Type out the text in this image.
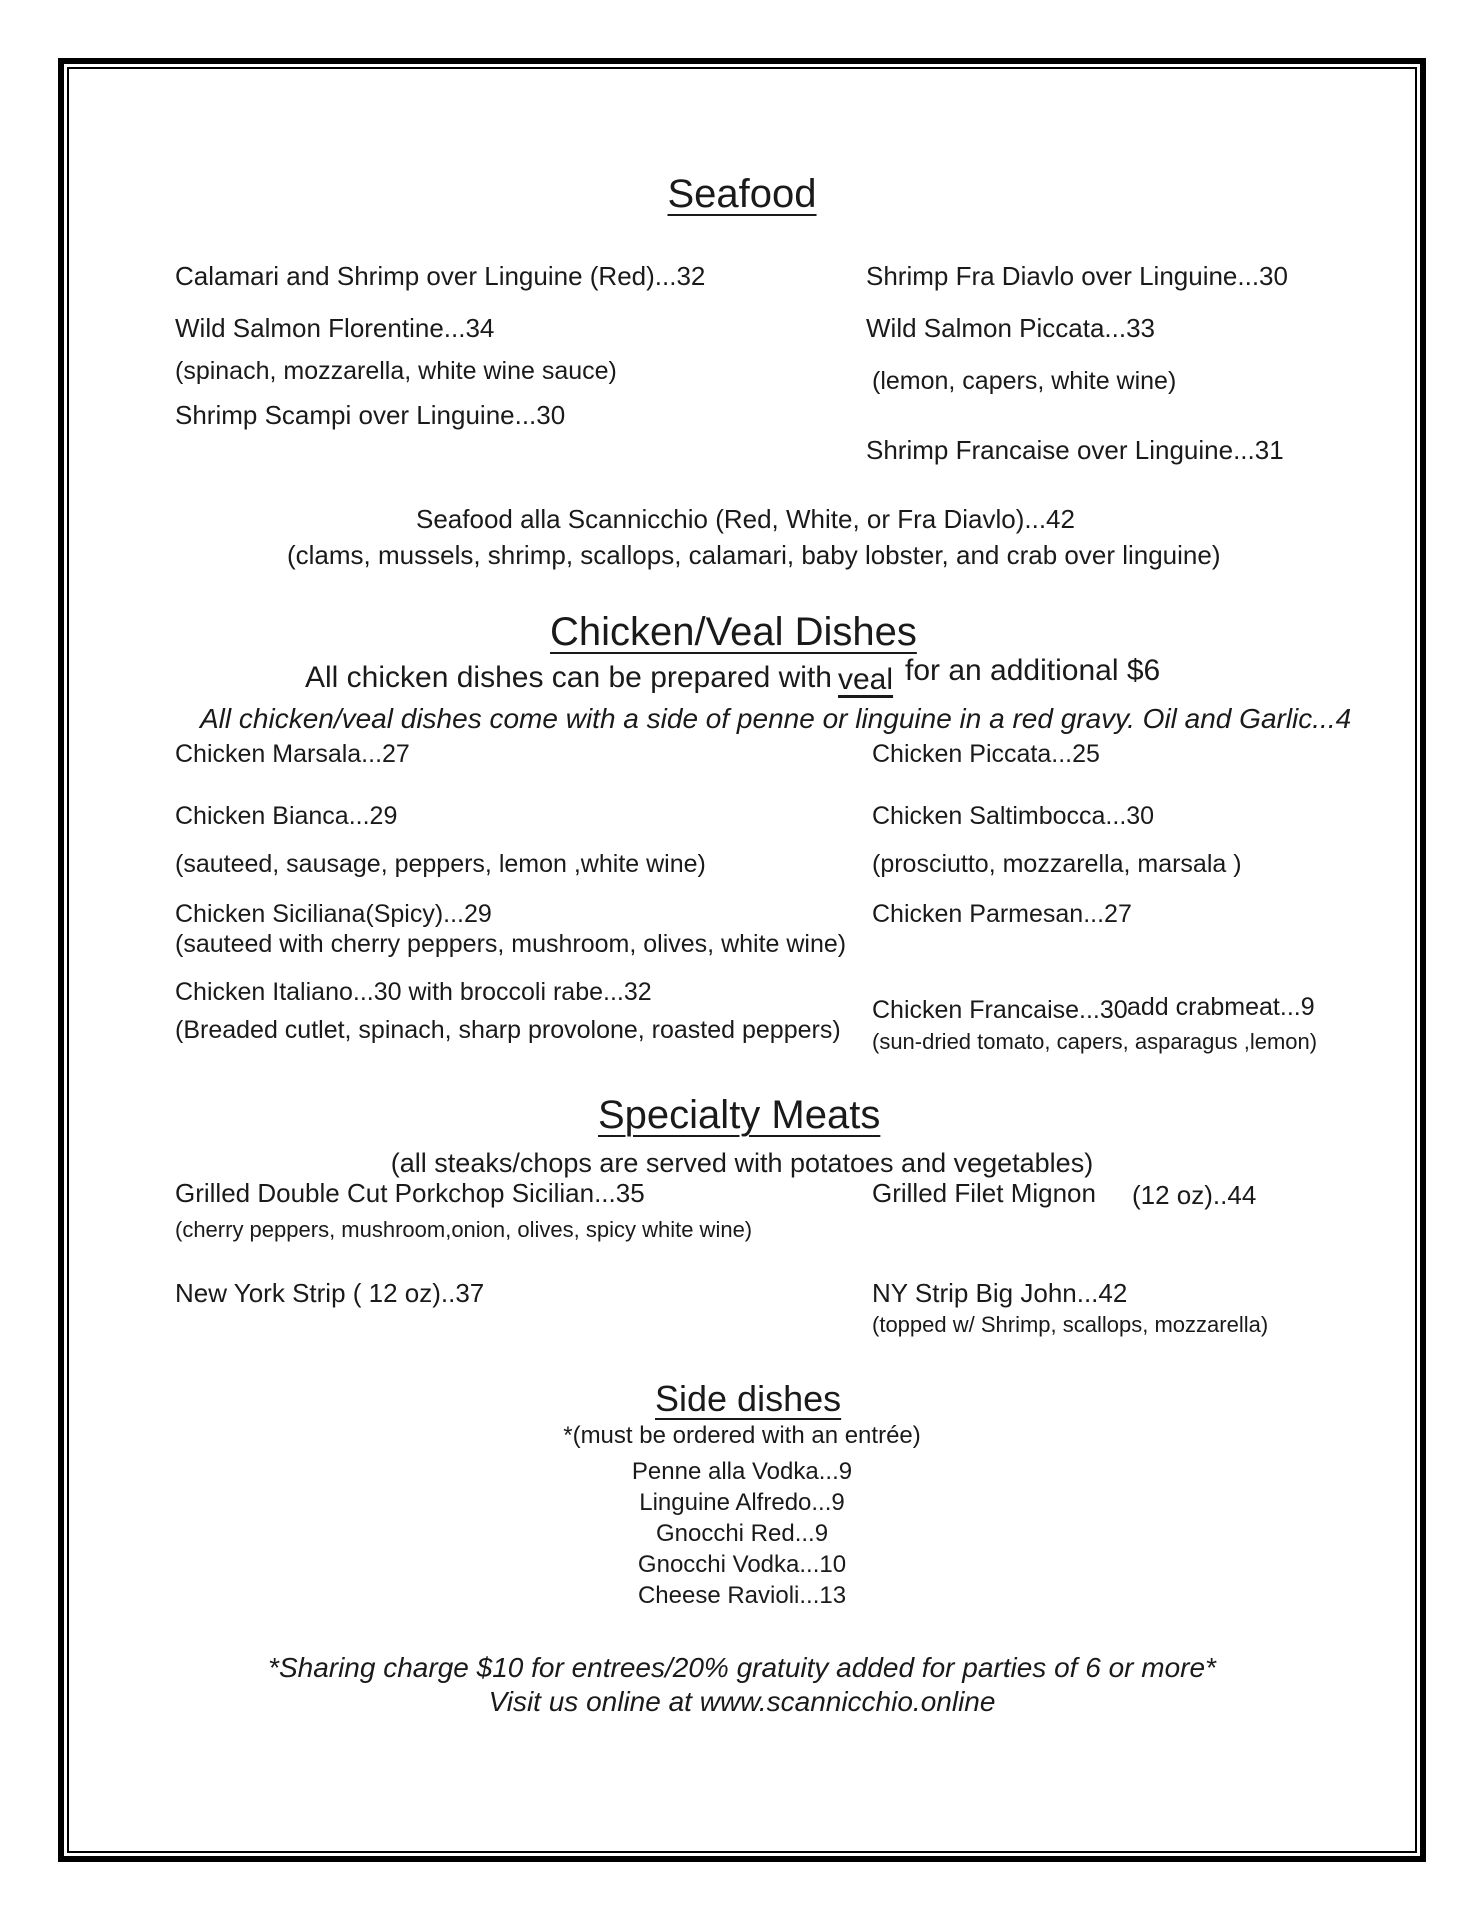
Seafood
Calamari and Shrimp over Linguine (Red)...32
Wild Salmon Florentine...34
(spinach, mozzarella, white wine sauce)
Shrimp Scampi over Linguine...30
Shrimp Fra Diavlo over Linguine...30
Wild Salmon Piccata...33
(lemon, capers, white wine)
Shrimp Francaise over Linguine...31
Seafood alla Scannicchio (Red, White, or Fra Diavlo)...42
(clams, mussels, shrimp, scallops, calamari, baby lobster, and crab over linguine)
Chicken/Veal Dishes
All chicken dishes can be prepared with veal for an additional $6
All chicken/veal dishes come with a side of penne or linguine in a red gravy. Oil and Garlic...4
Chicken Marsala...27
Chicken Bianca...29
(sauteed, sausage, peppers, lemon ,white wine)
Chicken Siciliana(Spicy)...29
(sauteed with cherry peppers, mushroom, olives, white wine)
Chicken Italiano...30 with broccoli rabe...32
(Breaded cutlet, spinach, sharp provolone, roasted peppers)
Chicken Piccata...25
Chicken Saltimbocca...30
(prosciutto, mozzarella, marsala )
Chicken Parmesan...27
Chicken Francaise...30 add crabmeat...9
(sun-dried tomato, capers, asparagus ,lemon)
Specialty Meats
(all steaks/chops are served with potatoes and vegetables)
Grilled Double Cut Porkchop Sicilian...35
(cherry peppers, mushroom,onion, olives, spicy white wine)
New York Strip ( 12 oz)..37
Grilled Filet Mignon (12 oz)..44
NY Strip Big John...42
(topped w/ Shrimp, scallops, mozzarella)
Side dishes
*(must be ordered with an entrée)
Penne alla Vodka...9
Linguine Alfredo...9
Gnocchi Red...9
Gnocchi Vodka...10
Cheese Ravioli...13
*Sharing charge $10 for entrees/20% gratuity added for parties of 6 or more*
Visit us online at www.scannicchio.online
